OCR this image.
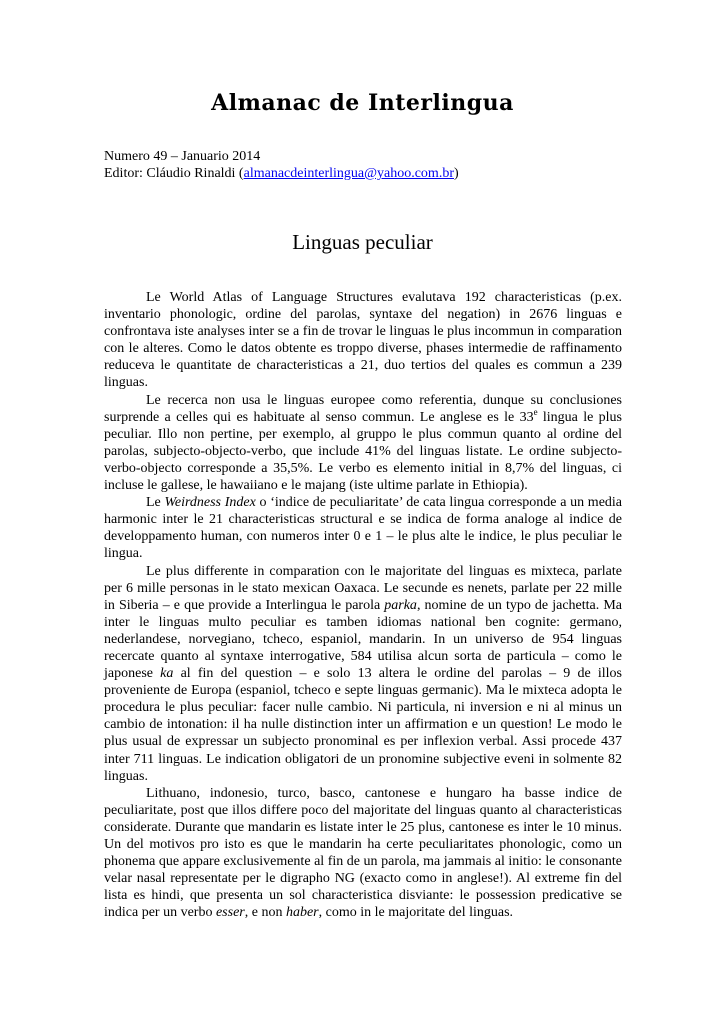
Almanac de Interlingua
Numero 49 – Januario 2014
Editor: Cláudio Rinaldi (almanacdeinterlingua@yahoo.com.br)
Linguas peculiar

Le World Atlas of Language Structures evalutava 192 characteristicas (p.ex. inventario phonologic, ordine del parolas, syntaxe del negation) in 2676 linguas e confrontava iste analyses inter se a fin de trovar le linguas le plus incommun in comparation con le alteres. Como le datos obtente es troppo diverse, phases intermedie de raffinamento reduceva le quantitate de characteristicas a 21, duo tertios del quales es commun a 239 linguas.

Le recerca non usa le linguas europee como referentia, dunque su conclusiones surprende a celles qui es habituate al senso commun. Le anglese es le 33e lingua le plus peculiar. Illo non pertine, per exemplo, al gruppo le plus commun quanto al ordine del parolas, subjecto-objecto-verbo, que include 41% del linguas listate. Le ordine subjecto-verbo-objecto corresponde a 35,5%. Le verbo es elemento initial in 8,7% del linguas, ci incluse le gallese, le hawaiiano e le majang (iste ultime parlate in Ethiopia).

Le Weirdness Index o ‘indice de peculiaritate’ de cata lingua corresponde a un media harmonic inter le 21 characteristicas structural e se indica de forma analoge al indice de developpamento human, con numeros inter 0 e 1 – le plus alte le indice, le plus peculiar le lingua.

Le plus differente in comparation con le majoritate del linguas es mixteca, parlate per 6 mille personas in le stato mexican Oaxaca. Le secunde es nenets, parlate per 22 mille in Siberia – e que provide a Interlingua le parola parka, nomine de un typo de jachetta. Ma inter le linguas multo peculiar es tamben idiomas national ben cognite: germano, nederlandese, norvegiano, tcheco, espaniol, mandarin. In un universo de 954 linguas recercate quanto al syntaxe interrogative, 584 utilisa alcun sorta de particula – como le japonese ka al fin del question – e solo 13 altera le ordine del parolas – 9 de illos proveniente de Europa (espaniol, tcheco e septe linguas germanic). Ma le mixteca adopta le procedura le plus peculiar: facer nulle cambio. Ni particula, ni inversion e ni al minus un cambio de intonation: il ha nulle distinction inter un affirmation e un question! Le modo le plus usual de expressar un subjecto pronominal es per inflexion verbal. Assi procede 437 inter 711 linguas. Le indication obligatori de un pronomine subjective eveni in solmente 82 linguas.

Lithuano, indonesio, turco, basco, cantonese e hungaro ha basse indice de peculiaritate, post que illos differe poco del majoritate del linguas quanto al characteristicas considerate. Durante que mandarin es listate inter le 25 plus, cantonese es inter le 10 minus. Un del motivos pro isto es que le mandarin ha certe peculiaritates phonologic, como un phonema que appare exclusivemente al fin de un parola, ma jammais al initio: le consonante velar nasal representate per le digrapho NG (exacto como in anglese!). Al extreme fin del lista es hindi, que presenta un sol characteristica disviante: le possession predicative se indica per un verbo esser, e non haber, como in le majoritate del linguas.
